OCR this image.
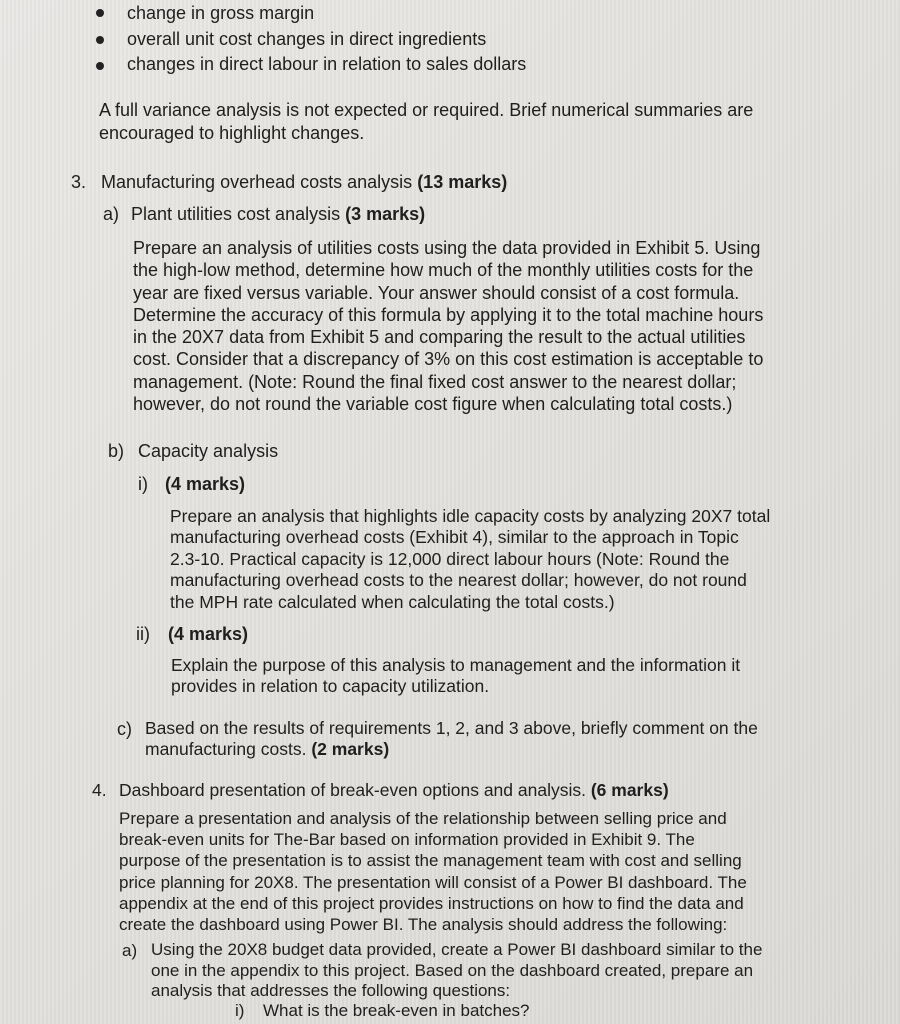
change in gross margin
overall unit cost changes in direct ingredients
changes in direct labour in relation to sales dollars
A full variance analysis is not expected or required. Brief numerical summaries are
encouraged to highlight changes.
3. Manufacturing overhead costs analysis (13 marks)
a) Plant utilities cost analysis (3 marks)
Prepare an analysis of utilities costs using the data provided in Exhibit 5. Using
the high-low method, determine how much of the monthly utilities costs for the
year are fixed versus variable. Your answer should consist of a cost formula.
Determine the accuracy of this formula by applying it to the total machine hours
in the 20X7 data from Exhibit 5 and comparing the result to the actual utilities
cost. Consider that a discrepancy of 3% on this cost estimation is acceptable to
management. (Note: Round the final fixed cost answer to the nearest dollar;
however, do not round the variable cost figure when calculating total costs.)
b) Capacity analysis
i) (4 marks)
Prepare an analysis that highlights idle capacity costs by analyzing 20X7 total
manufacturing overhead costs (Exhibit 4), similar to the approach in Topic
2.3-10. Practical capacity is 12,000 direct labour hours (Note: Round the
manufacturing overhead costs to the nearest dollar; however, do not round
the MPH rate calculated when calculating the total costs.)
ii) (4 marks)
Explain the purpose of this analysis to management and the information it
provides in relation to capacity utilization.
c) Based on the results of requirements 1, 2, and 3 above, briefly comment on the
manufacturing costs. (2 marks)
4. Dashboard presentation of break-even options and analysis. (6 marks)
Prepare a presentation and analysis of the relationship between selling price and
break-even units for The-Bar based on information provided in Exhibit 9. The
purpose of the presentation is to assist the management team with cost and selling
price planning for 20X8. The presentation will consist of a Power BI dashboard. The
appendix at the end of this project provides instructions on how to find the data and
create the dashboard using Power BI. The analysis should address the following:
a) Using the 20X8 budget data provided, create a Power BI dashboard similar to the
one in the appendix to this project. Based on the dashboard created, prepare an
analysis that addresses the following questions:
i) What is the break-even in batches?
